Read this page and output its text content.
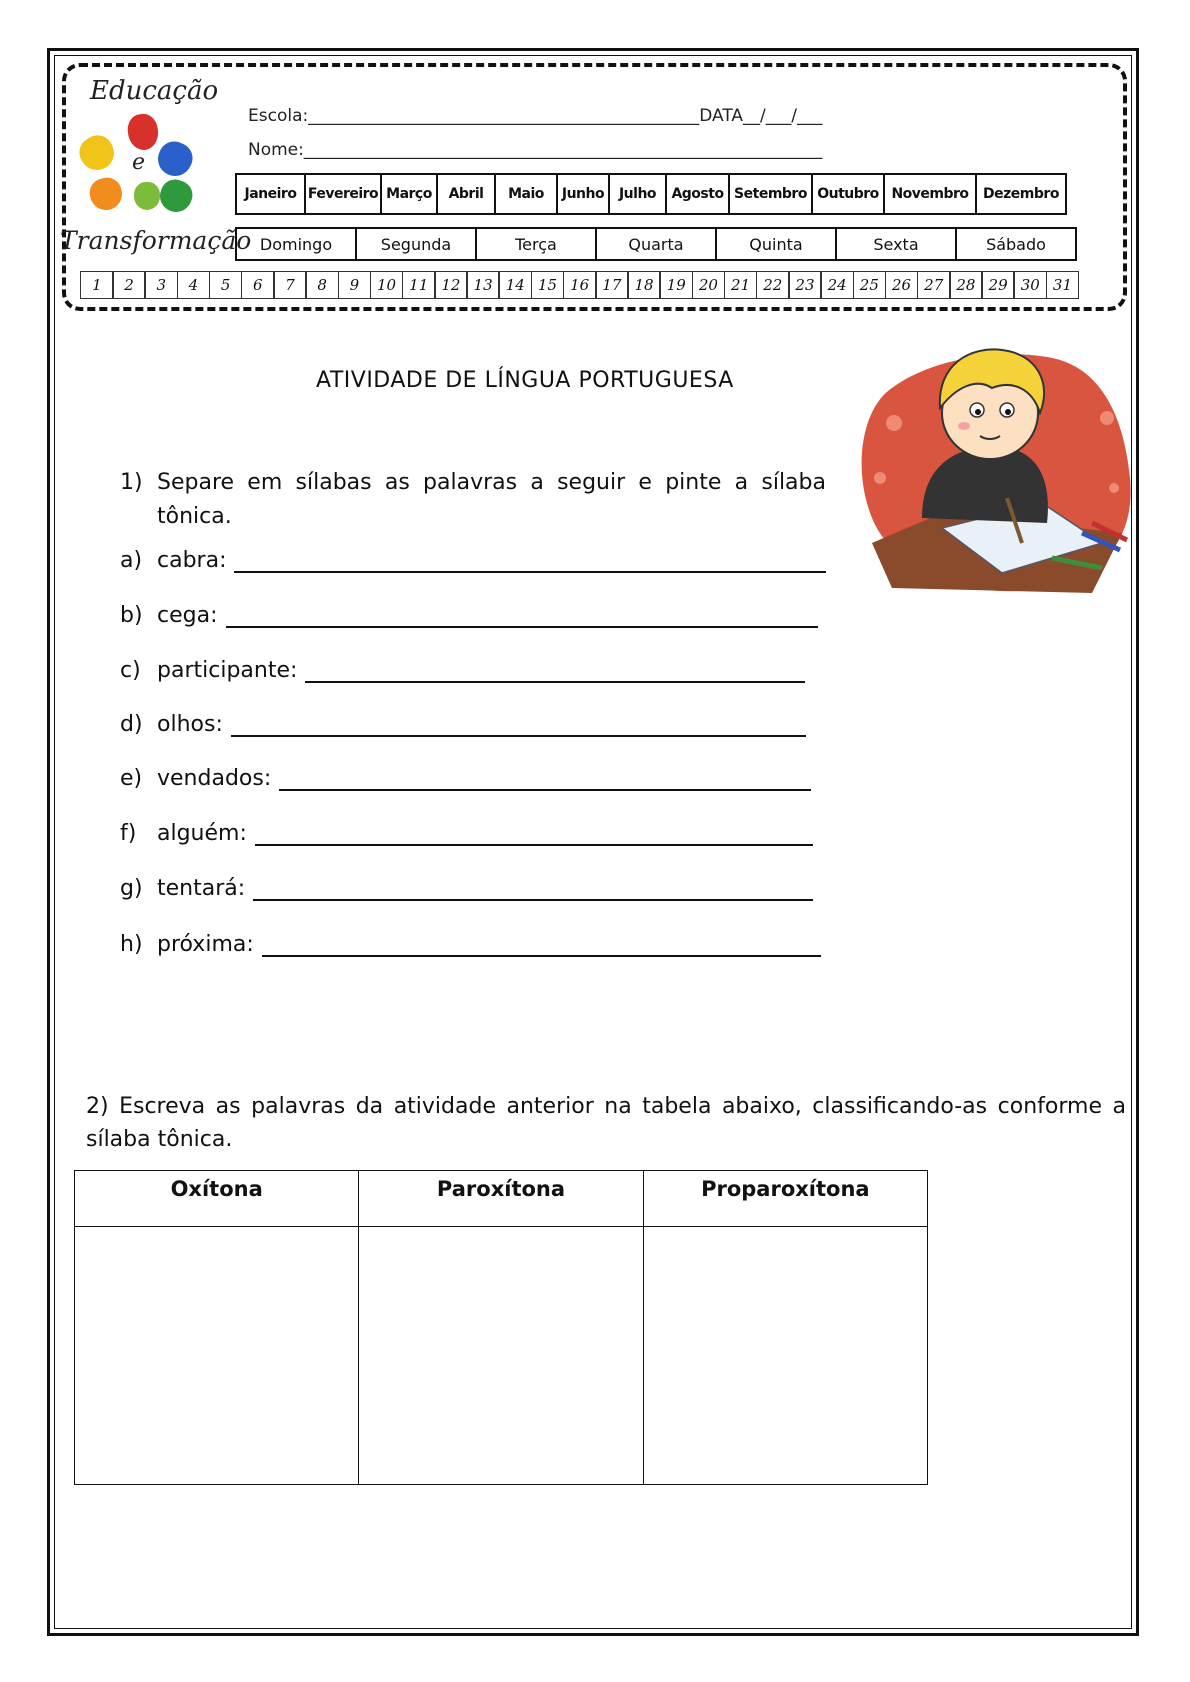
Educação
e
Transformação
Escola:______________________________________________DATA__/___/___
Nome:_____________________________________________________________
Janeiro Fevereiro Março	Abril	Maio	Junho	Julho	Agosto Setembro Outubro Novembro	Dezembro
Domingo	Segunda	Terça	Quarta	Quinta	Sexta	Sábado
1	2	3	4	5	6	7	8	9	10 11 12 13 14 15 16 17 18 19 20 21 22 23 24 25 26 27 28 29 30 31
ATIVIDADE DE LÍNGUA PORTUGUESA
1) Separe em sílabas as palavras a seguir e pinte a sílaba tônica.
a) cabra:
b) cega:
c) participante:
d) olhos:
e) vendados:
f) alguém:
g) tentará:
h) próxima:
2) Escreva as palavras da atividade anterior na tabela abaixo, classificando-as conforme a sílaba tônica.
Oxítona	Paroxítona	Proparoxítona
